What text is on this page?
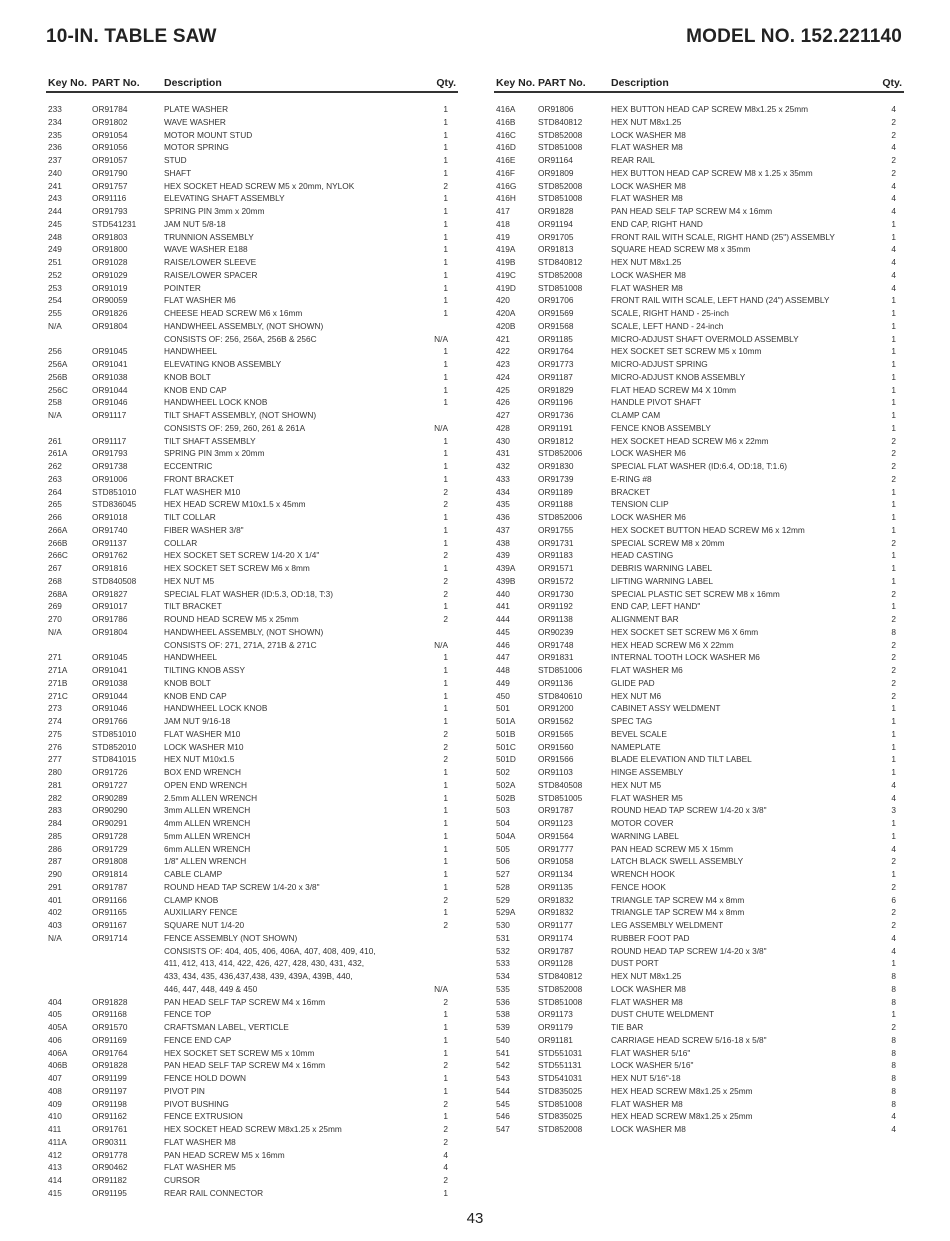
10-IN. TABLE SAW	MODEL NO. 152.221140
Key No. PART No. Description	Qty.
233	OR91784	PLATE WASHER	1
234	OR91802	WAVE WASHER	1
235	OR91054	MOTOR MOUNT STUD	1
236	OR91056	MOTOR SPRING	1
237	OR91057	STUD	1
240	OR91790	SHAFT	1
241	OR91757	HEX SOCKET HEAD SCREW M5 x 20mm, NYLOK	2
243	OR91116	ELEVATING SHAFT ASSEMBLY	1
244	OR91793	SPRING PIN 3mm x 20mm	1
245	STD541231	JAM NUT 5/8-18	1
248	OR91803	TRUNNION ASSEMBLY	1
249	OR91800	WAVE WASHER E188	1
251	OR91028	RAISE/LOWER SLEEVE	1
252	OR91029	RAISE/LOWER SPACER	1
253	OR91019	POINTER	1
254	OR90059	FLAT WASHER M6	1
255	OR91826	CHEESE HEAD SCREW M6 x 16mm	1
N/A	OR91804	HANDWHEEL ASSEMBLY, (NOT SHOWN)
CONSISTS OF: 256, 256A, 256B & 256C	N/A
256	OR91045	HANDWHEEL	1
256A	OR91041	ELEVATING KNOB ASSEMBLY	1
256B	OR91038	KNOB BOLT	1
256C	OR91044	KNOB END CAP	1
258	OR91046	HANDWHEEL LOCK KNOB	1
N/A	OR91117	TILT SHAFT ASSEMBLY, (NOT SHOWN)
CONSISTS OF: 259, 260, 261 & 261A	N/A
261	OR91117	TILT SHAFT ASSEMBLY	1
261A	OR91793	SPRING PIN 3mm x 20mm	1
262	OR91738	ECCENTRIC	1
263	OR91006	FRONT BRACKET	1
264	STD851010	FLAT WASHER M10	2
265	STD836045	HEX HEAD SCREW M10x1.5 x 45mm	2
266	OR91018	TILT COLLAR	1
266A	OR91740	FIBER WASHER 3/8"	1
266B	OR91137	COLLAR	1
266C	OR91762	HEX SOCKET SET SCREW 1/4-20 X 1/4"	2
267	OR91816	HEX SOCKET SET SCREW M6 x 8mm	1
268	STD840508	HEX NUT M5	2
268A	OR91827	SPECIAL FLAT WASHER (ID:5.3, OD:18, T:3)	2
269	OR91017	TILT BRACKET	1
270	OR91786	ROUND HEAD SCREW M5 x 25mm	2
N/A	OR91804	HANDWHEEL ASSEMBLY, (NOT SHOWN)
CONSISTS OF: 271, 271A, 271B & 271C	N/A
271	OR91045	HANDWHEEL	1
271A	OR91041	TILTING KNOB ASSY	1
271B	OR91038	KNOB BOLT	1
271C	OR91044	KNOB END CAP	1
273	OR91046	HANDWHEEL LOCK KNOB	1
274	OR91766	JAM NUT 9/16-18	1
275	STD851010	FLAT WASHER M10	2
276	STD852010	LOCK WASHER M10	2
277	STD841015	HEX NUT M10x1.5	2
280	OR91726	BOX END WRENCH	1
281	OR91727	OPEN END WRENCH	1
282	OR90289	2.5mm ALLEN WRENCH	1
283	OR90290	3mm ALLEN WRENCH	1
284	OR90291	4mm ALLEN WRENCH	1
285	OR91728	5mm ALLEN WRENCH	1
286	OR91729	6mm ALLEN WRENCH	1
287	OR91808	1/8" ALLEN WRENCH	1
290	OR91814	CABLE CLAMP	1
291	OR91787	ROUND HEAD TAP SCREW 1/4-20 x 3/8"	1
401	OR91166	CLAMP KNOB	2
402	OR91165	AUXILIARY FENCE	1
403	OR91167	SQUARE NUT 1/4-20	2
N/A	OR91714	FENCE ASSEMBLY (NOT SHOWN)
CONSISTS OF: 404, 405, 406, 406A, 407, 408, 409, 410,
411, 412, 413, 414, 422, 426, 427, 428, 430, 431, 432,
433, 434, 435, 436,437,438, 439, 439A, 439B, 440,
446, 447, 448, 449 & 450	N/A
404	OR91828	PAN HEAD SELF TAP SCREW M4 x 16mm	2
405	OR91168	FENCE TOP	1
405A	OR91570	CRAFTSMAN LABEL, VERTICLE	1
406	OR91169	FENCE END CAP	1
406A	OR91764	HEX SOCKET SET SCREW M5 x 10mm	1
406B	OR91828	PAN HEAD SELF TAP SCREW M4 x 16mm	2
407	OR91199	FENCE HOLD DOWN	1
408	OR91197	PIVOT PIN	1
409	OR91198	PIVOT BUSHING	2
410	OR91162	FENCE EXTRUSION	1
411	OR91761	HEX SOCKET HEAD SCREW M8x1.25 x 25mm	2
411A	OR90311	FLAT WASHER M8	2
412	OR91778	PAN HEAD SCREW M5 x 16mm	4
413	OR90462	FLAT WASHER M5	4
414	OR91182	CURSOR	2
415	OR91195	REAR RAIL CONNECTOR	1
Key No. PART No. Description	Qty.
416A	OR91806	HEX BUTTON HEAD CAP SCREW M8x1.25 x 25mm	4
416B	STD840812	HEX NUT M8x1.25	2
416C	STD852008	LOCK WASHER M8	2
416D	STD851008	FLAT WASHER M8	4
416E	OR91164	REAR RAIL	2
416F	OR91809	HEX BUTTON HEAD CAP SCREW M8 x 1.25 x 35mm	2
416G	STD852008	LOCK WASHER M8	4
416H	STD851008	FLAT WASHER M8	4
417	OR91828	PAN HEAD SELF TAP SCREW M4 x 16mm	4
418	OR91194	END CAP, RIGHT HAND	1
419	OR91705	FRONT RAIL WITH SCALE, RIGHT HAND (25") ASSEMBLY	1
419A	OR91813	SQUARE HEAD SCREW M8 x 35mm	4
419B	STD840812	HEX NUT M8x1.25	4
419C	STD852008	LOCK WASHER M8	4
419D	STD851008	FLAT WASHER M8	4
420	OR91706	FRONT RAIL WITH SCALE, LEFT HAND (24") ASSEMBLY	1
420A	OR91569	SCALE, RIGHT HAND - 25-inch	1
420B	OR91568	SCALE, LEFT HAND - 24-inch	1
421	OR91185	MICRO-ADJUST SHAFT OVERMOLD ASSEMBLY	1
422	OR91764	HEX SOCKET SET SCREW M5 x 10mm	1
423	OR91773	MICRO-ADJUST SPRING	1
424	OR91187	MICRO-ADJUST KNOB ASSEMBLY	1
425	OR91829	FLAT HEAD SCREW M4 X 10mm	1
426	OR91196	HANDLE PIVOT SHAFT	1
427	OR91736	CLAMP CAM	1
428	OR91191	FENCE KNOB ASSEMBLY	1
430	OR91812	HEX SOCKET HEAD SCREW M6 x 22mm	2
431	STD852006	LOCK WASHER M6	2
432	OR91830	SPECIAL FLAT WASHER (ID:6.4, OD:18, T:1.6)	2
433	OR91739	E-RING #8	2
434	OR91189	BRACKET	1
435	OR91188	TENSION CLIP	1
436	STD852006	LOCK WASHER M6	1
437	OR91755	HEX SOCKET BUTTON HEAD SCREW M6 x 12mm	1
438	OR91731	SPECIAL SCREW M8 x 20mm	2
439	OR91183	HEAD CASTING	1
439A	OR91571	DEBRIS WARNING LABEL	1
439B	OR91572	LIFTING WARNING LABEL	1
440	OR91730	SPECIAL PLASTIC SET SCREW M8 x 16mm	2
441	OR91192	END CAP, LEFT HAND"	1
444	OR91138	ALIGNMENT BAR	2
445	OR90239	HEX SOCKET SET SCREW M6 X 6mm	8
446	OR91748	HEX HEAD SCREW M6 X 22mm	2
447	OR91831	INTERNAL TOOTH LOCK WASHER M6	2
448	STD851006	FLAT WASHER M6	2
449	OR91136	GLIDE PAD	2
450	STD840610	HEX NUT M6	2
501	OR91200	CABINET ASSY WELDMENT	1
501A	OR91562	SPEC TAG	1
501B	OR91565	BEVEL SCALE	1
501C	OR91560	NAMEPLATE	1
501D	OR91566	BLADE ELEVATION AND TILT LABEL	1
502	OR91103	HINGE ASSEMBLY	1
502A	STD840508	HEX NUT M5	4
502B	STD851005	FLAT WASHER M5	4
503	OR91787	ROUND HEAD TAP SCREW 1/4-20 x 3/8"	3
504	OR91123	MOTOR COVER	1
504A	OR91564	WARNING LABEL	1
505	OR91777	PAN HEAD SCREW M5 X 15mm	4
506	OR91058	LATCH BLACK SWELL ASSEMBLY	2
527	OR91134	WRENCH HOOK	1
528	OR91135	FENCE HOOK	2
529	OR91832	TRIANGLE TAP SCREW M4 x 8mm	6
529A	OR91832	TRIANGLE TAP SCREW M4 x 8mm	2
530	OR91177	LEG ASSEMBLY WELDMENT	2
531	OR91174	RUBBER FOOT PAD	4
532	OR91787	ROUND HEAD TAP SCREW 1/4-20 x 3/8"	4
533	OR91128	DUST PORT	1
534	STD840812	HEX NUT M8x1.25	8
535	STD852008	LOCK WASHER M8	8
536	STD851008	FLAT WASHER M8	8
538	OR91173	DUST CHUTE WELDMENT	1
539	OR91179	TIE BAR	2
540	OR91181	CARRIAGE HEAD SCREW 5/16-18 x 5/8"	8
541	STD551031	FLAT WASHER 5/16"	8
542	STD551131	LOCK WASHER 5/16"	8
543	STD541031	HEX NUT 5/16"-18	8
544	STD835025	HEX HEAD SCREW M8x1.25 x 25mm	8
545	STD851008	FLAT WASHER M8	8
546	STD835025	HEX HEAD SCREW M8x1.25 x 25mm	4
547	STD852008	LOCK WASHER M8	4
43
